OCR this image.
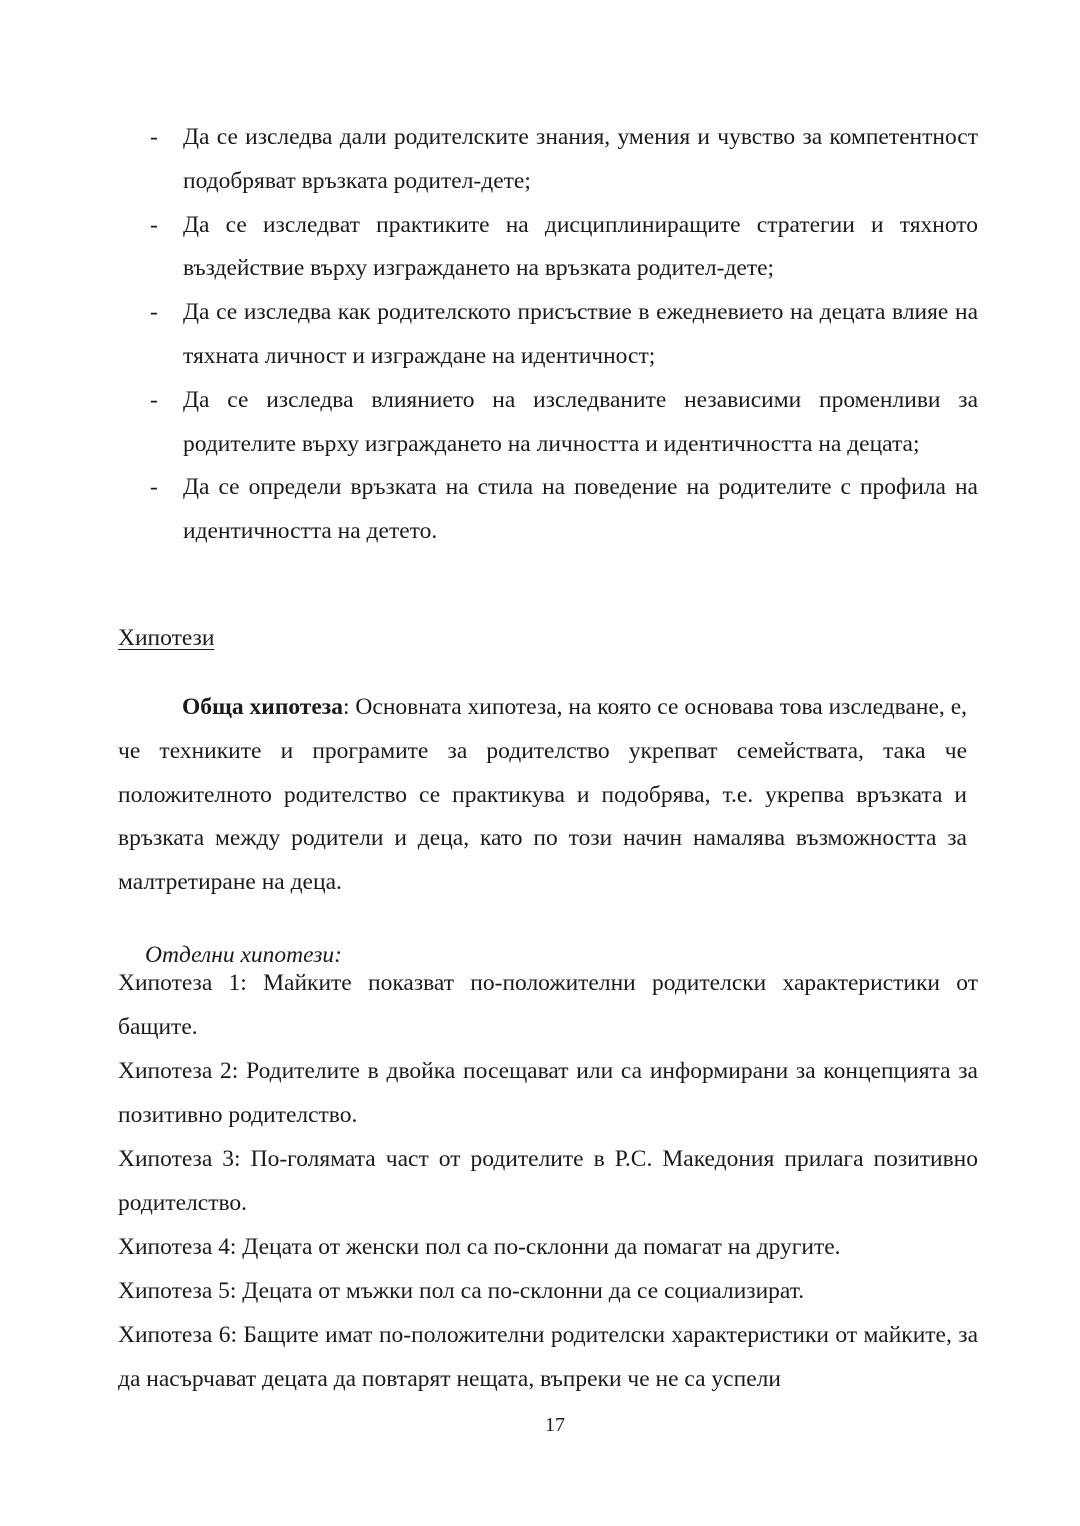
- Да се изследва дали родителските знания, умения и чувство за компетентност подобряват връзката родител-дете;
- Да се изследват практиките на дисциплиниращите стратегии и тяхното въздействие върху изграждането на връзката родител-дете;
- Да се изследва как родителското присъствие в ежедневието на децата влияе на тяхната личност и изграждане на идентичност;
- Да се изследва влиянието на изследваните независими променливи за родителите върху изграждането на личността и идентичността на децата;
- Да се определи връзката на стила на поведение на родителите с профила на идентичността на детето.
Хипотези

Обща хипотеза: Основната хипотеза, на която се основава това изследване, е, че техниките и програмите за родителство укрепват семействата, така че положителното родителство се практикува и подобрява, т.е. укрепва връзката и връзката между родители и деца, като по този начин намалява възможността за малтретиране на деца.

Отделни хипотези:

Хипотеза 1: Майките показват по-положителни родителски характеристики от бащите.

Хипотеза 2: Родителите в двойка посещават или са информирани за концепцията за позитивно родителство.

Хипотеза 3: По-голямата част от родителите в Р.С. Македония прилага позитивно родителство.

Хипотеза 4: Децата от женски пол са по-склонни да помагат на другите.

Хипотеза 5: Децата от мъжки пол са по-склонни да се социализират.

Хипотеза 6: Бащите имат по-положителни родителски характеристики от майките, за да насърчават децата да повтарят нещата, въпреки че не са успели

17
